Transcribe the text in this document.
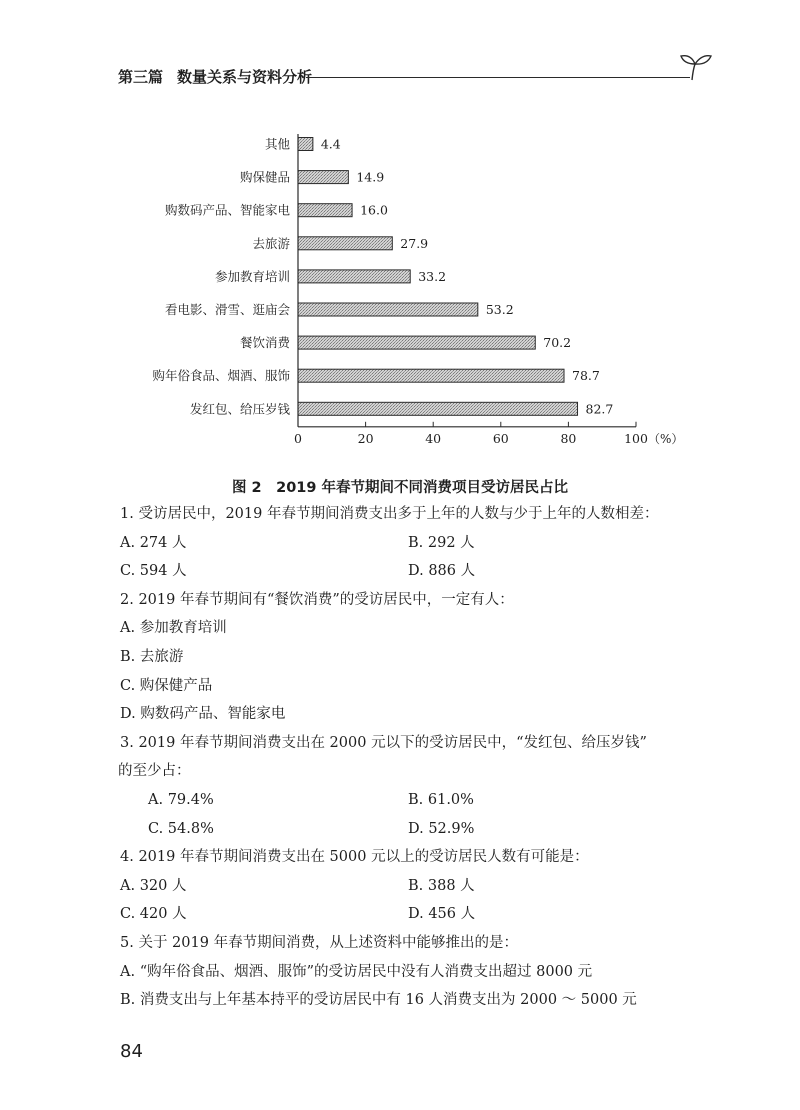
第三篇 数量关系与资料分析
其他 4.4
购保健品	14.9
购数码产品、智能家电	16.0
去旅游	27.9
参加教育培训	33.2
看电影、滑雪、逛庙会	53.2
餐饮消费	70.2
购年俗食品、烟酒、服饰	78.7
发红包、给压岁钱	82.7
0	20	40	60	80	100 （%）
图 2　2019 年春节期间不同消费项目受访居民占比
1. 受访居民中，2019 年春节期间消费支出多于上年的人数与少于上年的人数相差：
A. 274 人	B. 292 人
C. 594 人	D. 886 人
2. 2019 年春节期间有“餐饮消费”的受访居民中，一定有人：
A. 参加教育培训
B. 去旅游
C. 购保健产品
D. 购数码产品、智能家电
3. 2019 年春节期间消费支出在 2000 元以下的受访居民中，“发红包、给压岁钱”
的至少占：
A. 79.4%	B. 61.0%
C. 54.8%	D. 52.9%
4. 2019 年春节期间消费支出在 5000 元以上的受访居民人数有可能是：
A. 320 人	B. 388 人
C. 420 人	D. 456 人
5. 关于 2019 年春节期间消费，从上述资料中能够推出的是：
A. “购年俗食品、烟酒、服饰”的受访居民中没有人消费支出超过 8000 元
B. 消费支出与上年基本持平的受访居民中有 16 人消费支出为 2000 ～ 5000 元
84
